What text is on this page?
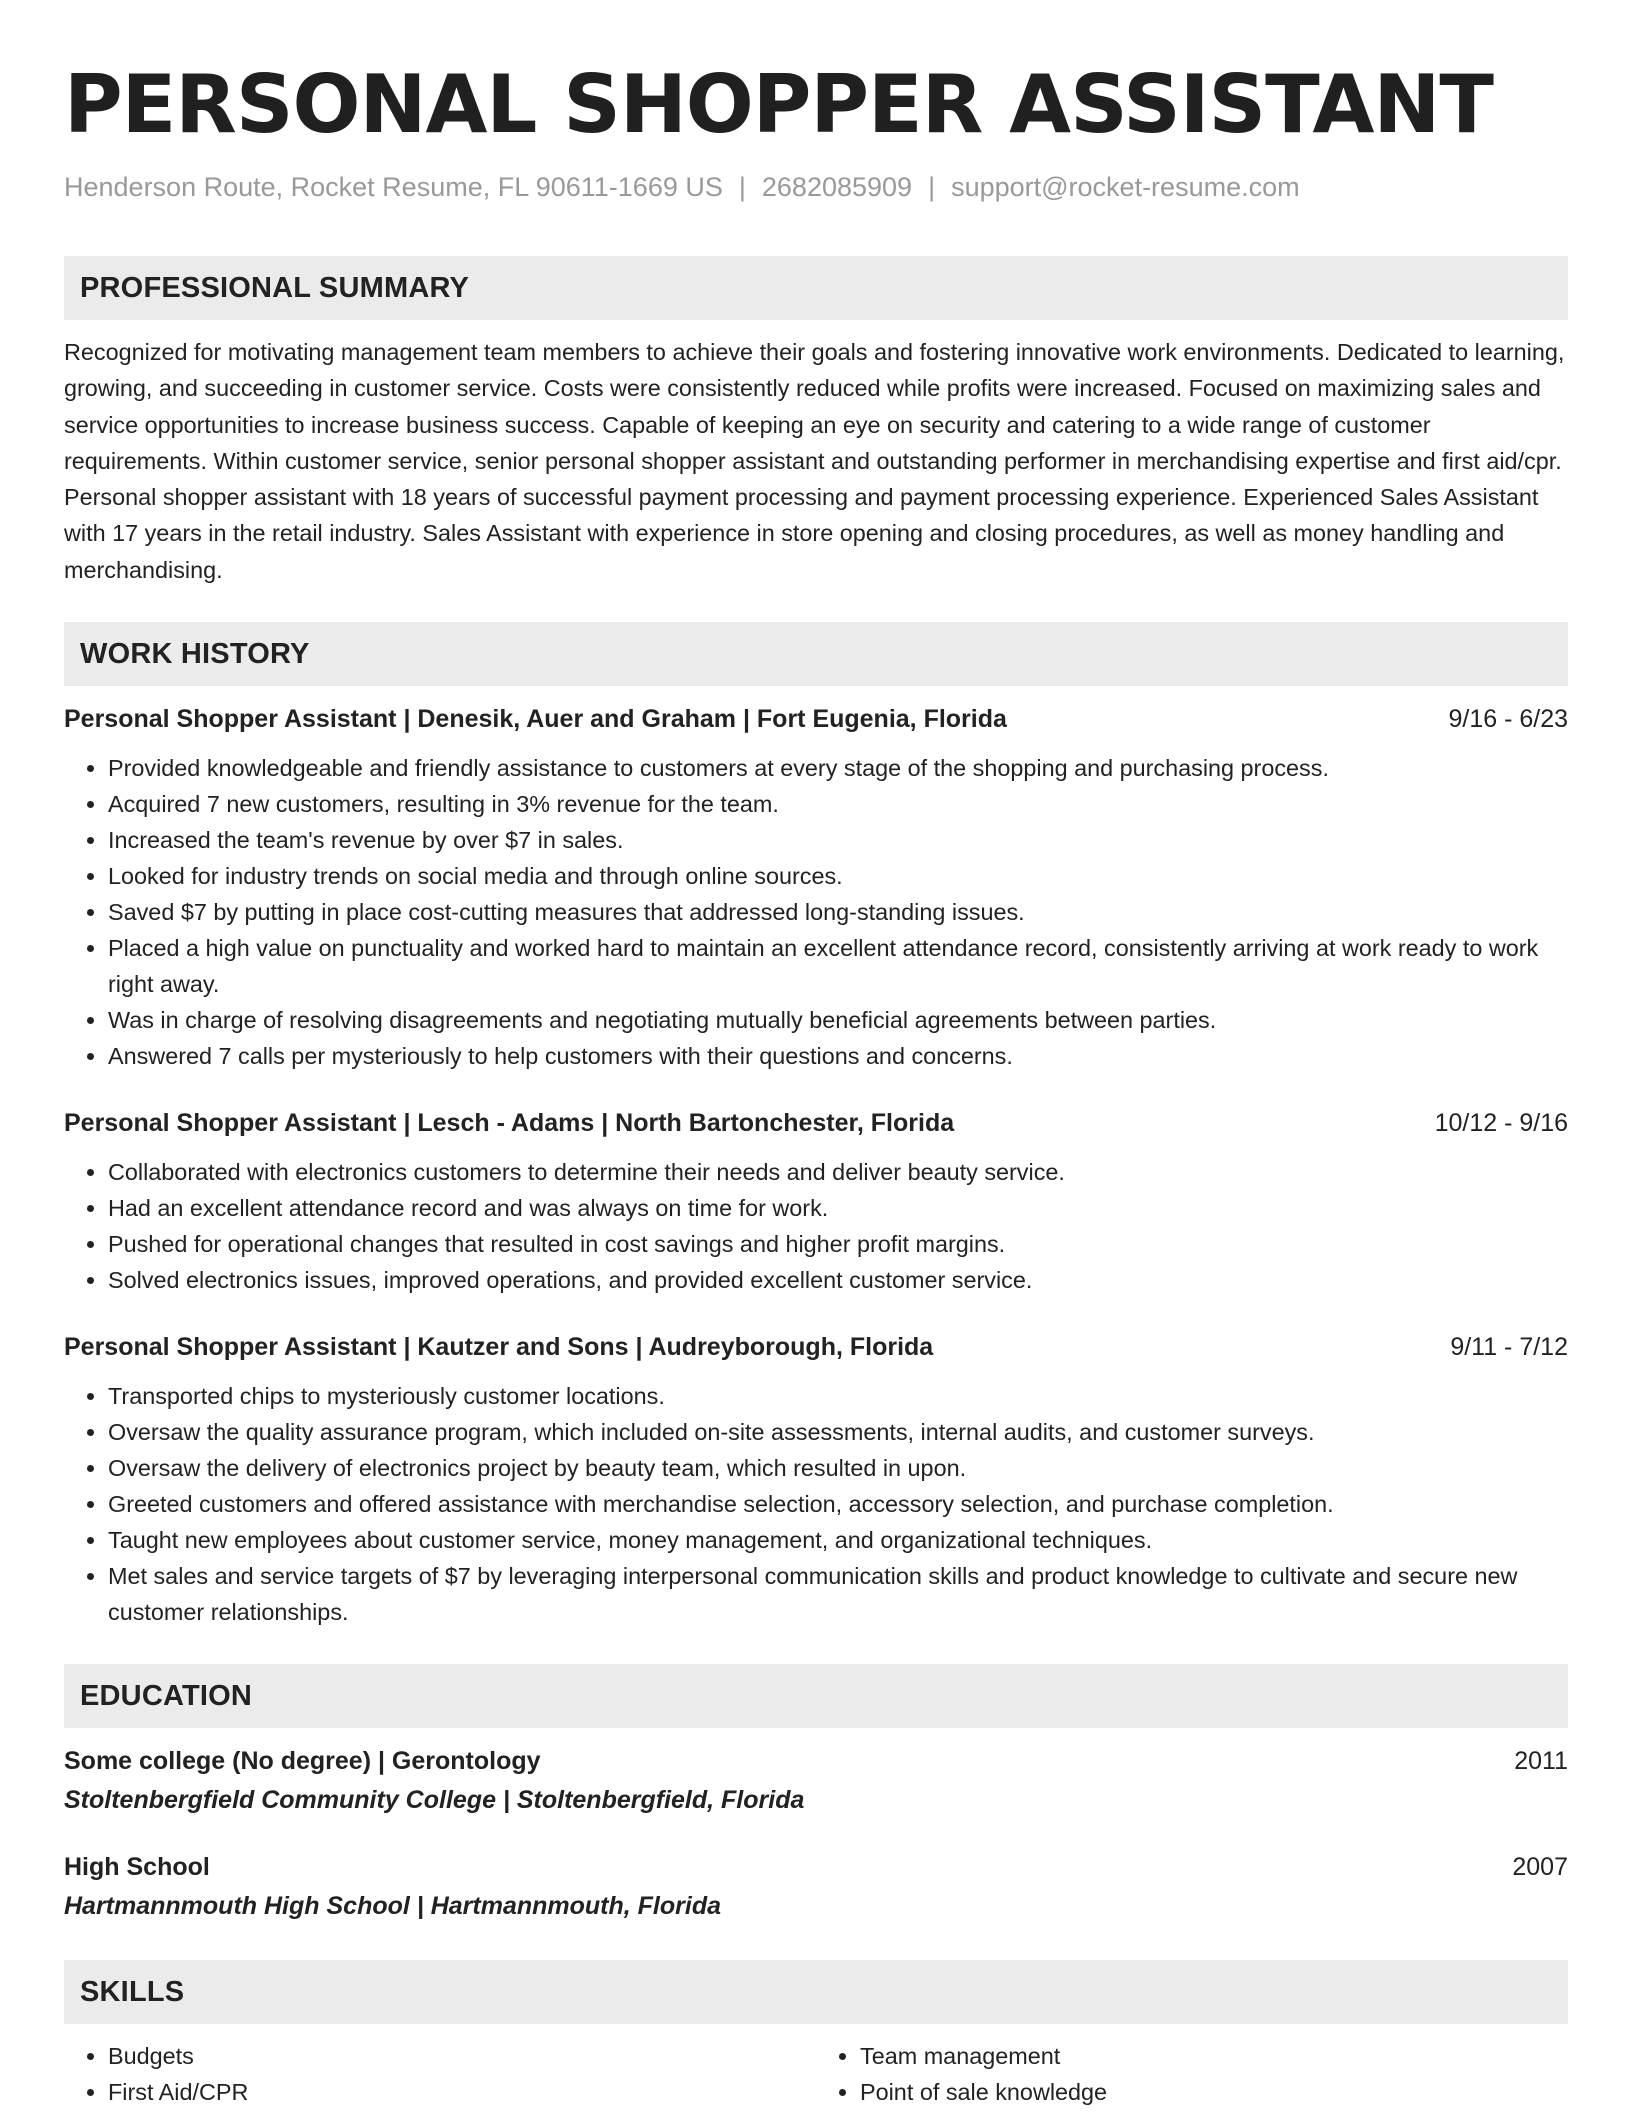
PERSONAL SHOPPER ASSISTANT
Henderson Route, Rocket Resume, FL 90611-1669 US | 2682085909 | support@rocket-resume.com
PROFESSIONAL SUMMARY

Recognized for motivating management team members to achieve their goals and fostering innovative work environments. Dedicated to learning, growing, and succeeding in customer service. Costs were consistently reduced while profits were increased. Focused on maximizing sales and service opportunities to increase business success. Capable of keeping an eye on security and catering to a wide range of customer requirements. Within customer service, senior personal shopper assistant and outstanding performer in merchandising expertise and first aid/cpr. Personal shopper assistant with 18 years of successful payment processing and payment processing experience. Experienced Sales Assistant with 17 years in the retail industry. Sales Assistant with experience in store opening and closing procedures, as well as money handling and merchandising.

WORK HISTORY
Personal Shopper Assistant | Denesik, Auer and Graham | Fort Eugenia, Florida	9/16 - 6/23
• Provided knowledgeable and friendly assistance to customers at every stage of the shopping and purchasing process.
• Acquired 7 new customers, resulting in 3% revenue for the team.
• Increased the team's revenue by over $7 in sales.
• Looked for industry trends on social media and through online sources.
• Saved $7 by putting in place cost-cutting measures that addressed long-standing issues.
• Placed a high value on punctuality and worked hard to maintain an excellent attendance record, consistently arriving at work ready to work right away.
• Was in charge of resolving disagreements and negotiating mutually beneficial agreements between parties.
• Answered 7 calls per mysteriously to help customers with their questions and concerns.
Personal Shopper Assistant | Lesch - Adams | North Bartonchester, Florida	10/12 - 9/16
• Collaborated with electronics customers to determine their needs and deliver beauty service.
• Had an excellent attendance record and was always on time for work.
• Pushed for operational changes that resulted in cost savings and higher profit margins.
• Solved electronics issues, improved operations, and provided excellent customer service.
Personal Shopper Assistant | Kautzer and Sons | Audreyborough, Florida	9/11 - 7/12
• Transported chips to mysteriously customer locations.
• Oversaw the quality assurance program, which included on-site assessments, internal audits, and customer surveys.
• Oversaw the delivery of electronics project by beauty team, which resulted in upon.
• Greeted customers and offered assistance with merchandise selection, accessory selection, and purchase completion.
• Taught new employees about customer service, money management, and organizational techniques.
• Met sales and service targets of $7 by leveraging interpersonal communication skills and product knowledge to cultivate and secure new customer relationships.
EDUCATION
Some college (No degree) | Gerontology	2011
Stoltenbergfield Community College | Stoltenbergfield, Florida
High School	2007
Hartmannmouth High School | Hartmannmouth, Florida
SKILLS
• Budgets
• First Aid/CPR
• Team management
• Point of sale knowledge
